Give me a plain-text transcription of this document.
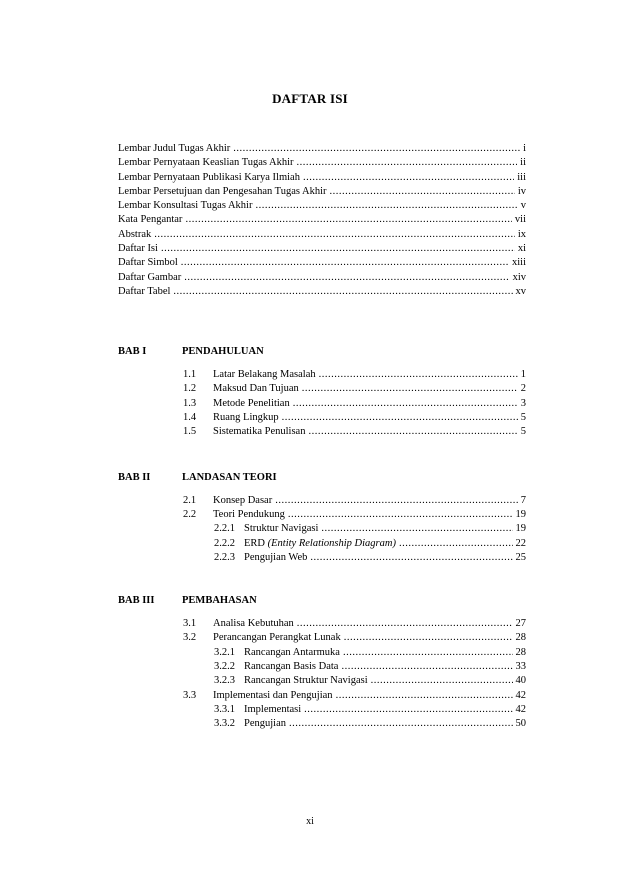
DAFTAR ISI
Lembar Judul Tugas Akhir .....	i
Lembar Pernyataan Keaslian Tugas Akhir .....	ii
Lembar Pernyataan Publikasi Karya Ilmiah .....	iii
Lembar Persetujuan dan Pengesahan Tugas Akhir .....	iv
Lembar Konsultasi Tugas Akhir .....	v
Kata Pengantar .....	vii
Abstrak .....	ix
Daftar Isi .....	xi
Daftar Simbol .....	xiii
Daftar Gambar .....	xiv
Daftar Tabel .....	xv
BAB I	PENDAHULUAN
1.1	Latar Belakang Masalah .....	1
1.2	Maksud Dan Tujuan .....	2
1.3	Metode Penelitian .....	3
1.4	Ruang Lingkup .....	5
1.5	Sistematika Penulisan .....	5
BAB II	LANDASAN TEORI
2.1	Konsep Dasar .....	7
2.2	Teori Pendukung .....	19
2.2.1 Struktur Navigasi .....	19
2.2.2 ERD (Entity Relationship Diagram) .....	22
2.2.3 Pengujian Web .....	25
BAB III	PEMBAHASAN
3.1	Analisa Kebutuhan .....	27
3.2	Perancangan Perangkat Lunak .....	28
3.2.1 Rancangan Antarmuka .....	28
3.2.2 Rancangan Basis Data .....	33
3.2.3 Rancangan Struktur Navigasi .....	40
3.3	Implementasi dan Pengujian .....	42
3.3.1 Implementasi .....	42
3.3.2 Pengujian .....	50
xi
